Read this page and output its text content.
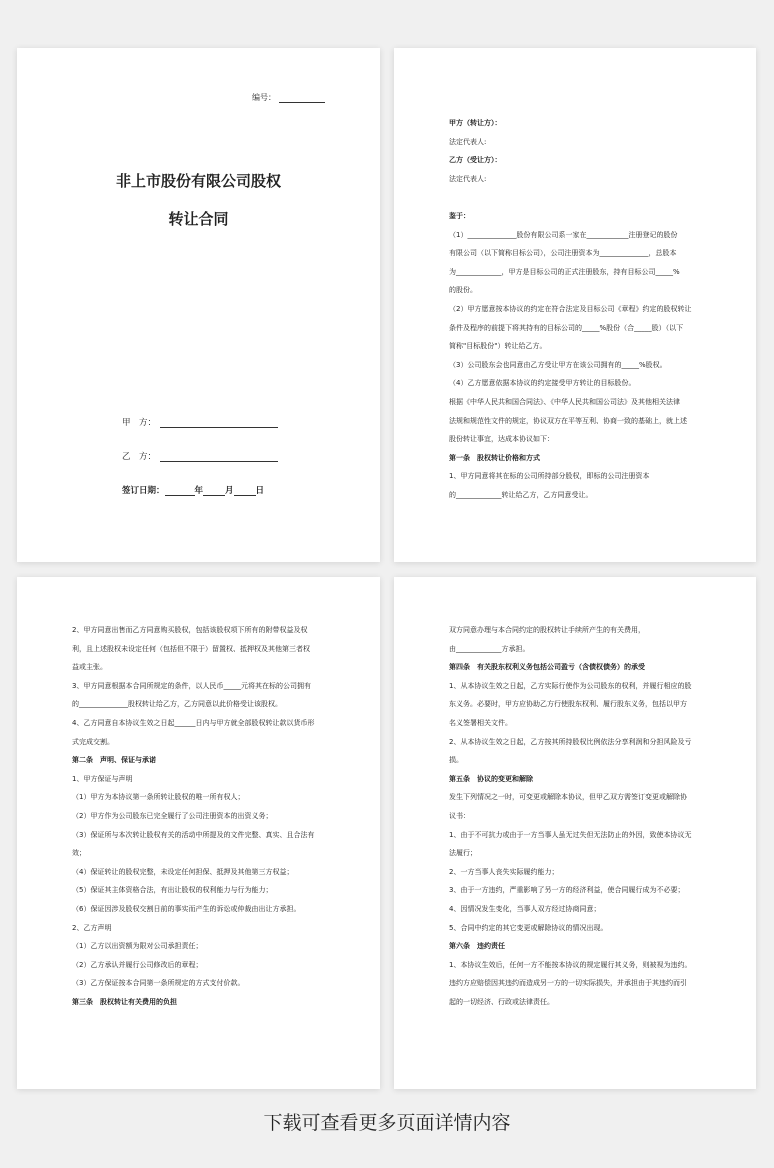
编号：
非上市股份有限公司股权
转让合同
甲　方：
乙　方：
签订日期：	年	月	日
甲方（转让方）：
法定代表人:
乙方（受让方）：
法定代表人:
鉴于：
（1）______________股份有限公司系一家在____________注册登记的股份
有限公司（以下简称目标公司），公司注册资本为______________，总股本
为_____________，甲方是目标公司的正式注册股东，持有目标公司_____%
的股份。
（2）甲方愿意按本协议的约定在符合法定及目标公司《章程》约定的股权转让
条件及程序的前提下将其持有的目标公司的_____%股份（合_____股）（以下
简称"目标股份"）转让给乙方。
（3）公司股东会也同意由乙方受让甲方在该公司拥有的_____%股权。
（4）乙方愿意依据本协议的约定接受甲方转让的目标股份。
根据《中华人民共和国合同法》、《中华人民共和国公司法》及其他相关法律
法规和规范性文件的规定，协议双方在平等互利、协商一致的基础上，就上述
股份转让事宜，达成本协议如下：
第一条　股权转让价格和方式
1、甲方同意将其在标的公司所持部分股权，即标的公司注册资本
的_____________转让给乙方，乙方同意受让。
2、甲方同意出售而乙方同意购买股权，包括该股权项下所有的附带权益及权
利，且上述股权未设定任何（包括但不限于）留置权、抵押权及其他第三者权
益或主张。
3、甲方同意根据本合同所规定的条件，以人民币_____元将其在标的公司拥有
的______________股权转让给乙方，乙方同意以此价格受让该股权。
4、乙方同意自本协议生效之日起______日内与甲方就全部股权转让款以货币形
式完成交割。
第二条　声明、保证与承诺
1、甲方保证与声明
（1）甲方为本协议第一条所转让股权的唯一所有权人；
（2）甲方作为公司股东已完全履行了公司注册资本的出资义务；
（3）保证所与本次转让股权有关的活动中所提及的文件完整、真实、且合法有
效；
（4）保证转让的股权完整，未设定任何担保、抵押及其他第三方权益；
（5）保证其主体资格合法，有出让股权的权利能力与行为能力；
（6）保证因涉及股权交割日前的事实而产生的诉讼或仲裁由出让方承担。
2、乙方声明
（1）乙方以出资额为限对公司承担责任；
（2）乙方承认并履行公司修改后的章程；
（3）乙方保证按本合同第一条所规定的方式支付价款。
第三条　股权转让有关费用的负担
双方同意办理与本合同约定的股权转让手续所产生的有关费用，
由_____________方承担。
第四条　有关股东权利义务包括公司盈亏（含债权债务）的承受
1、从本协议生效之日起，乙方实际行使作为公司股东的权利，并履行相应的股
东义务。必要时，甲方应协助乙方行使股东权利、履行股东义务，包括以甲方
名义签署相关文件。
2、从本协议生效之日起，乙方按其所持股权比例依法分享利润和分担风险及亏
损。
第五条　协议的变更和解除
发生下列情况之一时，可变更或解除本协议，但甲乙双方需签订变更或解除协
议书：
1、由于不可抗力或由于一方当事人虽无过失但无法防止的外因，致使本协议无
法履行；
2、一方当事人丧失实际履约能力；
3、由于一方违约，严重影响了另一方的经济利益，使合同履行成为不必要；
4、因情况发生变化，当事人双方经过协商同意；
5、合同中约定的其它变更或解除协议的情况出现。
第六条　违约责任
1、本协议生效后，任何一方不能按本协议的规定履行其义务，则被视为违约。
违约方应赔偿因其违约而造成另一方的一切实际损失，并承担由于其违约而引
起的一切经济、行政或法律责任。
下载可查看更多页面详情内容
